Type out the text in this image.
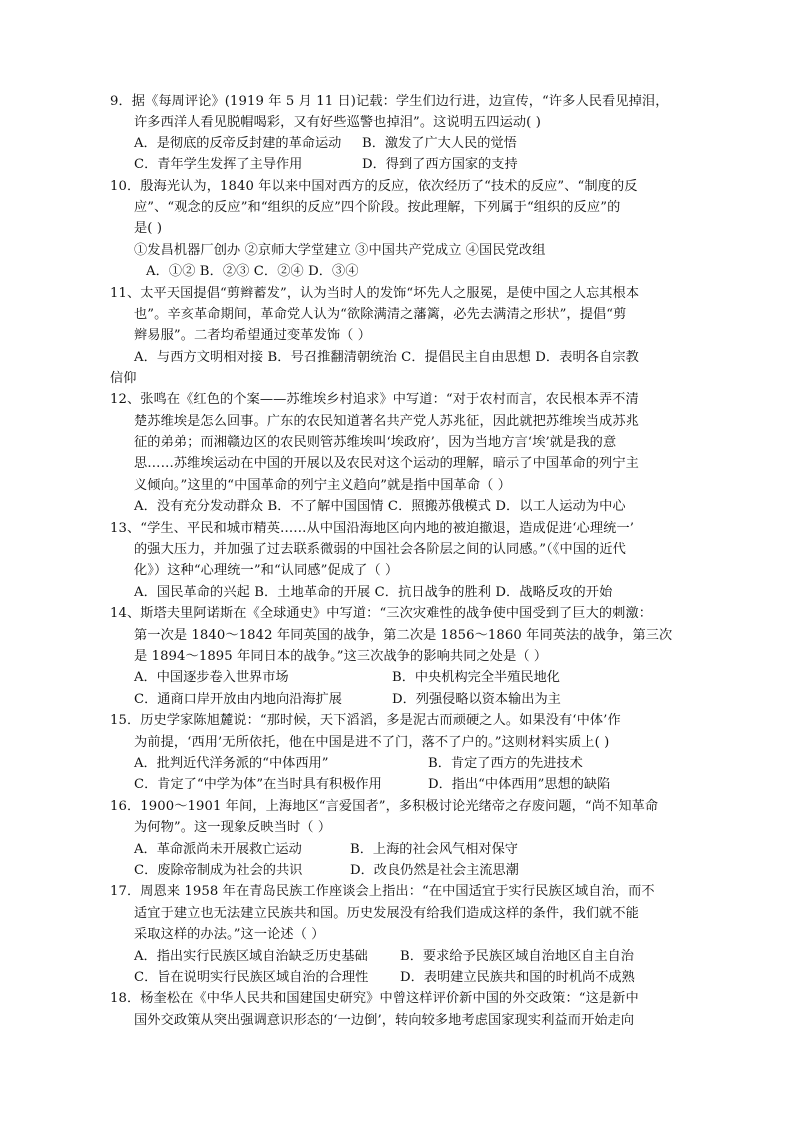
9．据《每周评论》(1919 年 5 月 11 日)记载：学生们边行进，边宣传，“许多人民看见掉泪，
许多西洋人看见脱帽喝彩，又有好些巡警也掉泪”。这说明五四运动( )
A．是彻底的反帝反封建的革命运动 B．激发了广大人民的觉悟
C．青年学生发挥了主导作用	D．得到了西方国家的支持
10．殷海光认为，1840 年以来中国对西方的反应，依次经历了“技术的反应”、“制度的反
应”、“观念的反应”和“组织的反应”四个阶段。按此理解，下列属于“组织的反应”的
是( )
①发昌机器厂创办 ②京师大学堂建立 ③中国共产党成立 ④国民党改组
A．①② B．②③ C．②④ D．③④
11、太平天国提倡“剪辫蓄发”，认为当时人的发饰“坏先人之服冕，是使中国之人忘其根本
也”。辛亥革命期间，革命党人认为“欲除满清之藩篱，必先去满清之形状”，提倡“剪
辫易服”。二者均希望通过变革发饰（ ）
A．与西方文明相对接 B．号召推翻清朝统治 C．提倡民主自由思想 D．表明各自宗教
信仰
12、张鸣在《红色的个案——苏维埃乡村追求》中写道：“对于农村而言，农民根本弄不清
楚苏维埃是怎么回事。广东的农民知道著名共产党人苏兆征，因此就把苏维埃当成苏兆
征的弟弟；而湘赣边区的农民则管苏维埃叫‘埃政府’，因为当地方言‘埃’就是我的意
思……苏维埃运动在中国的开展以及农民对这个运动的理解，暗示了中国革命的列宁主
义倾向。”这里的“中国革命的列宁主义趋向”就是指中国革命（ ）
A．没有充分发动群众 B．不了解中国国情 C．照搬苏俄模式 D．以工人运动为中心
13、“学生、平民和城市精英……从中国沿海地区向内地的被迫撤退，造成促进‘心理统一’
的强大压力，并加强了过去联系微弱的中国社会各阶层之间的认同感。”（《中国的近代
化》）这种“心理统一”和“认同感”促成了（ ）
A．国民革命的兴起 B．土地革命的开展 C．抗日战争的胜利 D．战略反攻的开始
14、斯塔夫里阿诺斯在《全球通史》中写道：“三次灾难性的战争使中国受到了巨大的刺激：
第一次是 1840～1842 年同英国的战争，第二次是 1856～1860 年同英法的战争，第三次
是 1894～1895 年同日本的战争。”这三次战争的影响共同之处是（ ）
A．中国逐步卷入世界市场	B．中央机构完全半殖民地化
C．通商口岸开放由内地向沿海扩展	D．列强侵略以资本输出为主
15．历史学家陈旭麓说：“那时候，天下滔滔，多是泥古而顽硬之人。如果没有‘中体’作
为前提，‘西用’无所依托，他在中国是进不了门，落不了户的。”这则材料实质上( )
A．批判近代洋务派的“中体西用”	B．肯定了西方的先进技术
C．肯定了“中学为体”在当时具有积极作用	D．指出“中体西用”思想的缺陷
16．1900～1901 年间，上海地区“言爱国者”，多积极讨论光绪帝之存废问题，“尚不知革命
为何物”。这一现象反映当时（ ）
A．革命派尚未开展救亡运动	B．上海的社会风气相对保守
C．废除帝制成为社会的共识	D．改良仍然是社会主流思潮
17．周恩来 1958 年在青岛民族工作座谈会上指出：“在中国适宜于实行民族区域自治，而不
适宜于建立也无法建立民族共和国。历史发展没有给我们造成这样的条件，我们就不能
采取这样的办法。”这一论述（ ）
A．指出实行民族区域自治缺乏历史基础 B．要求给予民族区域自治地区自主自治
C．旨在说明实行民族区域自治的合理性 D．表明建立民族共和国的时机尚不成熟
18．杨奎松在《中华人民共和国建国史研究》中曾这样评价新中国的外交政策：“这是新中
国外交政策从突出强调意识形态的‘一边倒’，转向较多地考虑国家现实利益而开始走向
